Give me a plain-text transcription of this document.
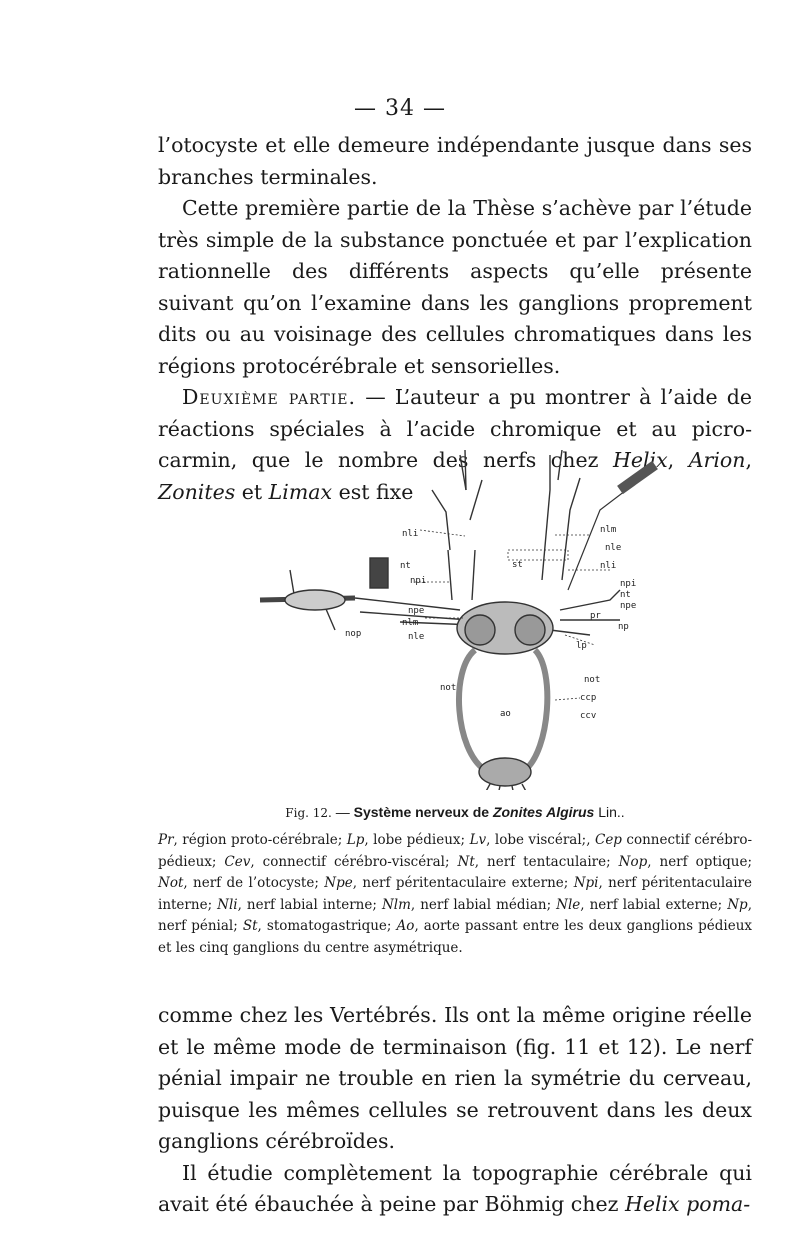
— 34 —

l’otocyste et elle demeure indépendante jusque dans ses branches terminales.

Cette première partie de la Thèse s’achève par l’étude très simple de la substance ponctuée et par l’explication rationnelle des différents aspects qu’elle présente suivant qu’on l’examine dans les ganglions proprement dits ou au voisinage des cellules chromatiques dans les régions protocérébrale et sensorielles.

Deuxième partie. — L’auteur a pu montrer à l’aide de réactions spéciales à l’acide chromique et au picro-carmin, que le nombre des nerfs chez Helix, Arion, Zonites et Limax est fixe

nli
nt
npi
npe
nlm
nop	nle
not
ao
st
nlm
nle
nli
npi
nt
npe
pr
np
lp
not
ccp
ccv
Fig. 12. — Système nerveux de Zonites Algirus Lin..
Pr, région proto-cérébrale; Lp, lobe pédieux; Lv, lobe viscéral;, Cep connectif cérébro-pédieux; Cev, connectif cérébro-viscéral; Nt, nerf tentaculaire; Nop, nerf optique; Not, nerf de l’otocyste; Npe, nerf péritentaculaire externe; Npi, nerf péritentaculaire interne; Nli, nerf labial interne; Nlm, nerf labial médian; Nle, nerf labial externe; Np, nerf pénial; St, stomatogastrique; Ao, aorte passant entre les deux ganglions pédieux et les cinq ganglions du centre asymétrique.

comme chez les Vertébrés. Ils ont la même origine réelle et le même mode de terminaison (fig. 11 et 12). Le nerf pénial impair ne trouble en rien la symétrie du cerveau, puisque les mêmes cellules se retrouvent dans les deux ganglions cérébroïdes.

Il étudie complètement la topographie cérébrale qui avait été ébauchée à peine par Böhmig chez Helix poma-
